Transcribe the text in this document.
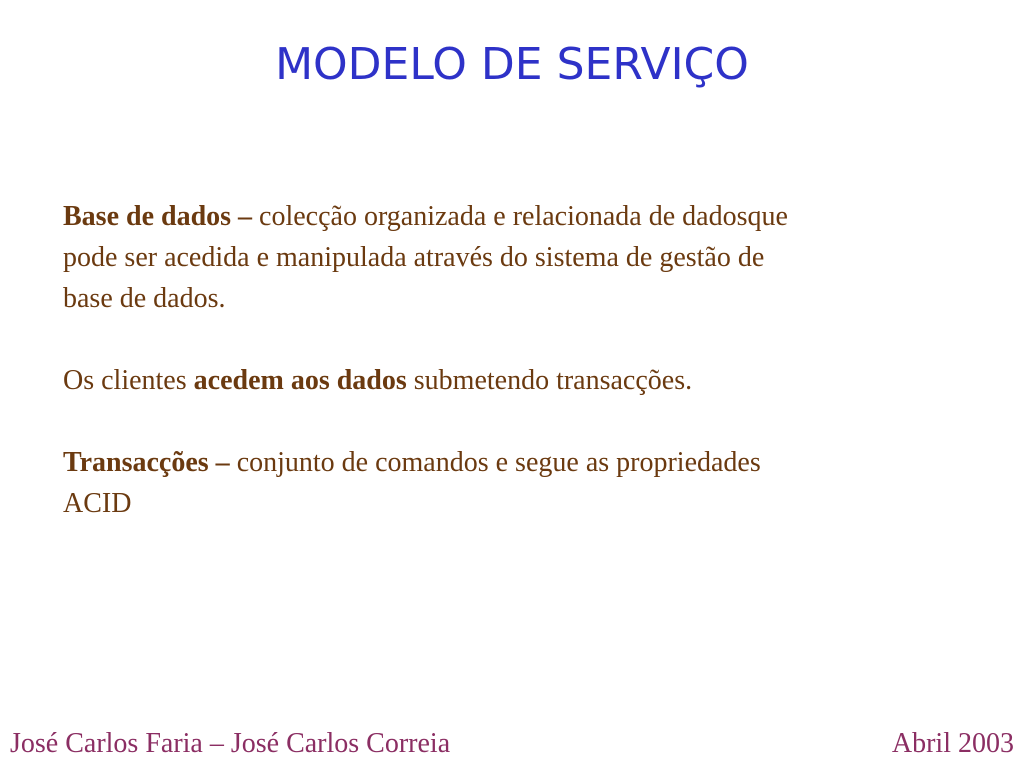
MODELO DE SERVIÇO

Base de dados – colecção organizada e relacionada de dadosque
pode ser acedida e manipulada através do sistema de gestão de
base de dados.

Os clientes acedem aos dados submetendo transacções.

Transacções – conjunto de comandos e segue as propriedades
ACID

José Carlos Faria – José Carlos Correia	Abril 2003
